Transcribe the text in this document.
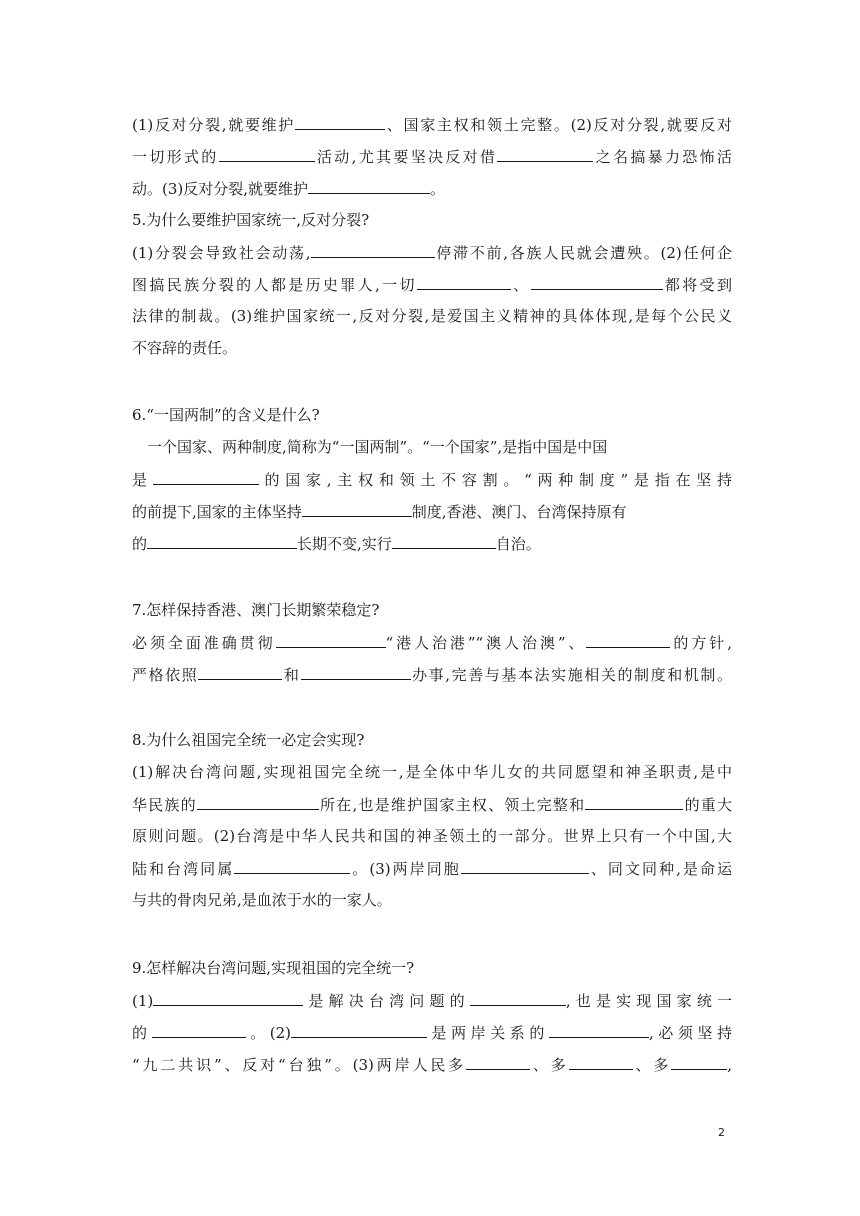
(1)反对分裂,就要维护	、国家主权和领土完整。(2)反对分裂,就要反对
一切形式的	活动,尤其要坚决反对借	之名搞暴力恐怖活
动。(3)反对分裂,就要维护	。
5.为什么要维护国家统一,反对分裂?
(1)分裂会导致社会动荡,	停滞不前,各族人民就会遭殃。(2)任何企
图搞民族分裂的人都是历史罪人,一切	、	都将受到
法律的制裁。(3)维护国家统一,反对分裂,是爱国主义精神的具体体现,是每个公民义
不容辞的责任。
6.“一国两制”的含义是什么?
一个国家、两种制度,简称为“一国两制”。“一个国家”,是指中国是中国
是	的国家,主权和领土不容割。“两种制度”是指在坚持
的前提下,国家的主体坚持	制度,香港、澳门、台湾保持原有
的	长期不变,实行	自治。
7.怎样保持香港、澳门长期繁荣稳定?
必须全面准确贯彻	“港人治港”“澳人治澳”、	的方针,
严格依照	和	办事,完善与基本法实施相关的制度和机制。
8.为什么祖国完全统一必定会实现?
(1)解决台湾问题,实现祖国完全统一,是全体中华儿女的共同愿望和神圣职责,是中
华民族的	所在,也是维护国家主权、领土完整和	的重大
原则问题。(2)台湾是中华人民共和国的神圣领土的一部分。世界上只有一个中国,大
陆和台湾同属	。(3)两岸同胞	、同文同种,是命运
与共的骨肉兄弟,是血浓于水的一家人。
9.怎样解决台湾问题,实现祖国的完全统一?
(1)	是解决台湾问题的	,也是实现国家统一
的	。(2)	是两岸关系的	,必须坚持
“九二共识”、反对“台独”。(3)两岸人民多	、多	、多	,
2
